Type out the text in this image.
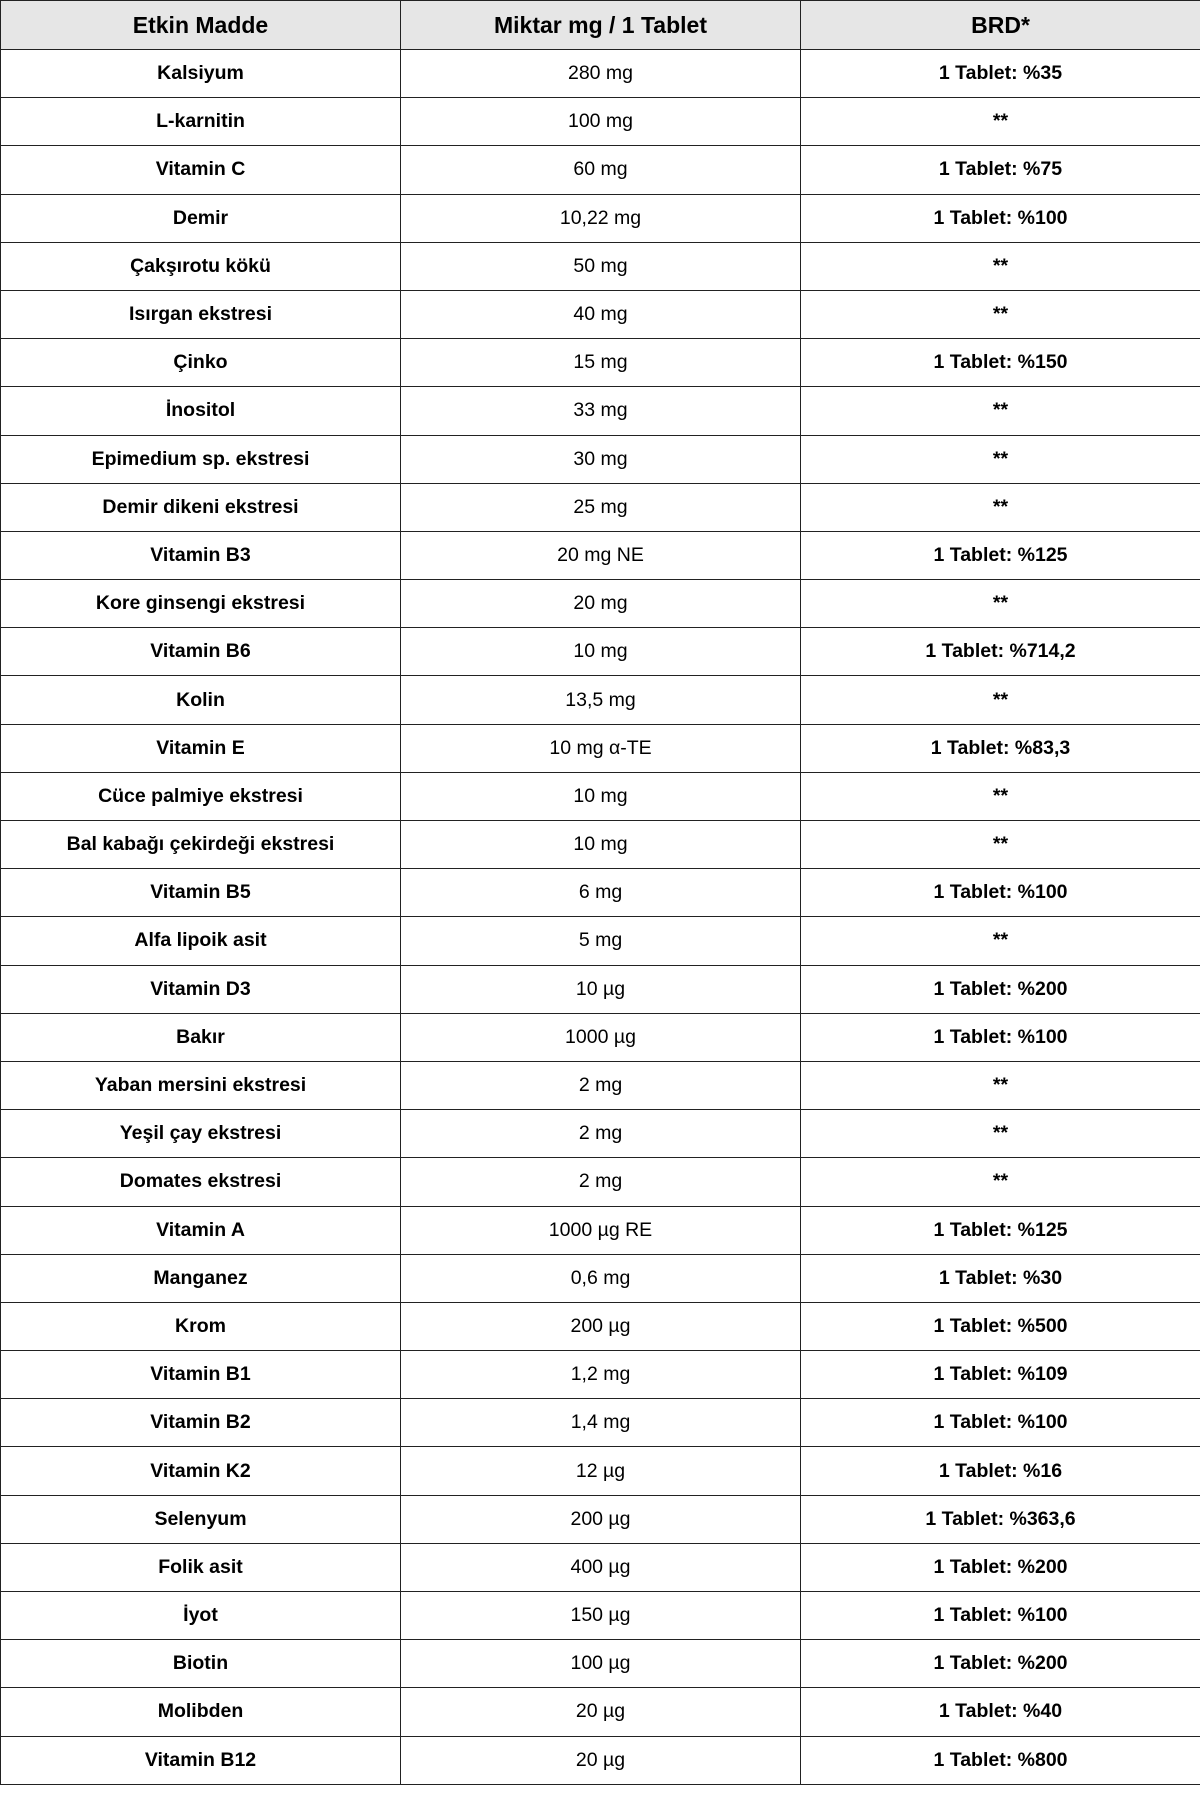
Etkin Madde	Miktar mg / 1 Tablet	BRD*
Kalsiyum	280 mg	1 Tablet: %35
L-karnitin	100 mg	**
Vitamin C	60 mg	1 Tablet: %75
Demir	10,22 mg	1 Tablet: %100
Çakşırotu kökü	50 mg	**
Isırgan ekstresi	40 mg	**
Çinko	15 mg	1 Tablet: %150
İnositol	33 mg	**
Epimedium sp. ekstresi	30 mg	**
Demir dikeni ekstresi	25 mg	**
Vitamin B3	20 mg NE	1 Tablet: %125
Kore ginsengi ekstresi	20 mg	**
Vitamin B6	10 mg	1 Tablet: %714,2
Kolin	13,5 mg	**
Vitamin E	10 mg α-TE	1 Tablet: %83,3
Cüce palmiye ekstresi	10 mg	**
Bal kabağı çekirdeği ekstresi	10 mg	**
Vitamin B5	6 mg	1 Tablet: %100
Alfa lipoik asit	5 mg	**
Vitamin D3	10 µg	1 Tablet: %200
Bakır	1000 µg	1 Tablet: %100
Yaban mersini ekstresi	2 mg	**
Yeşil çay ekstresi	2 mg	**
Domates ekstresi	2 mg	**
Vitamin A	1000 µg RE	1 Tablet: %125
Manganez	0,6 mg	1 Tablet: %30
Krom	200 µg	1 Tablet: %500
Vitamin B1	1,2 mg	1 Tablet: %109
Vitamin B2	1,4 mg	1 Tablet: %100
Vitamin K2	12 µg	1 Tablet: %16
Selenyum	200 µg	1 Tablet: %363,6
Folik asit	400 µg	1 Tablet: %200
İyot	150 µg	1 Tablet: %100
Biotin	100 µg	1 Tablet: %200
Molibden	20 µg	1 Tablet: %40
Vitamin B12	20 µg	1 Tablet: %800
